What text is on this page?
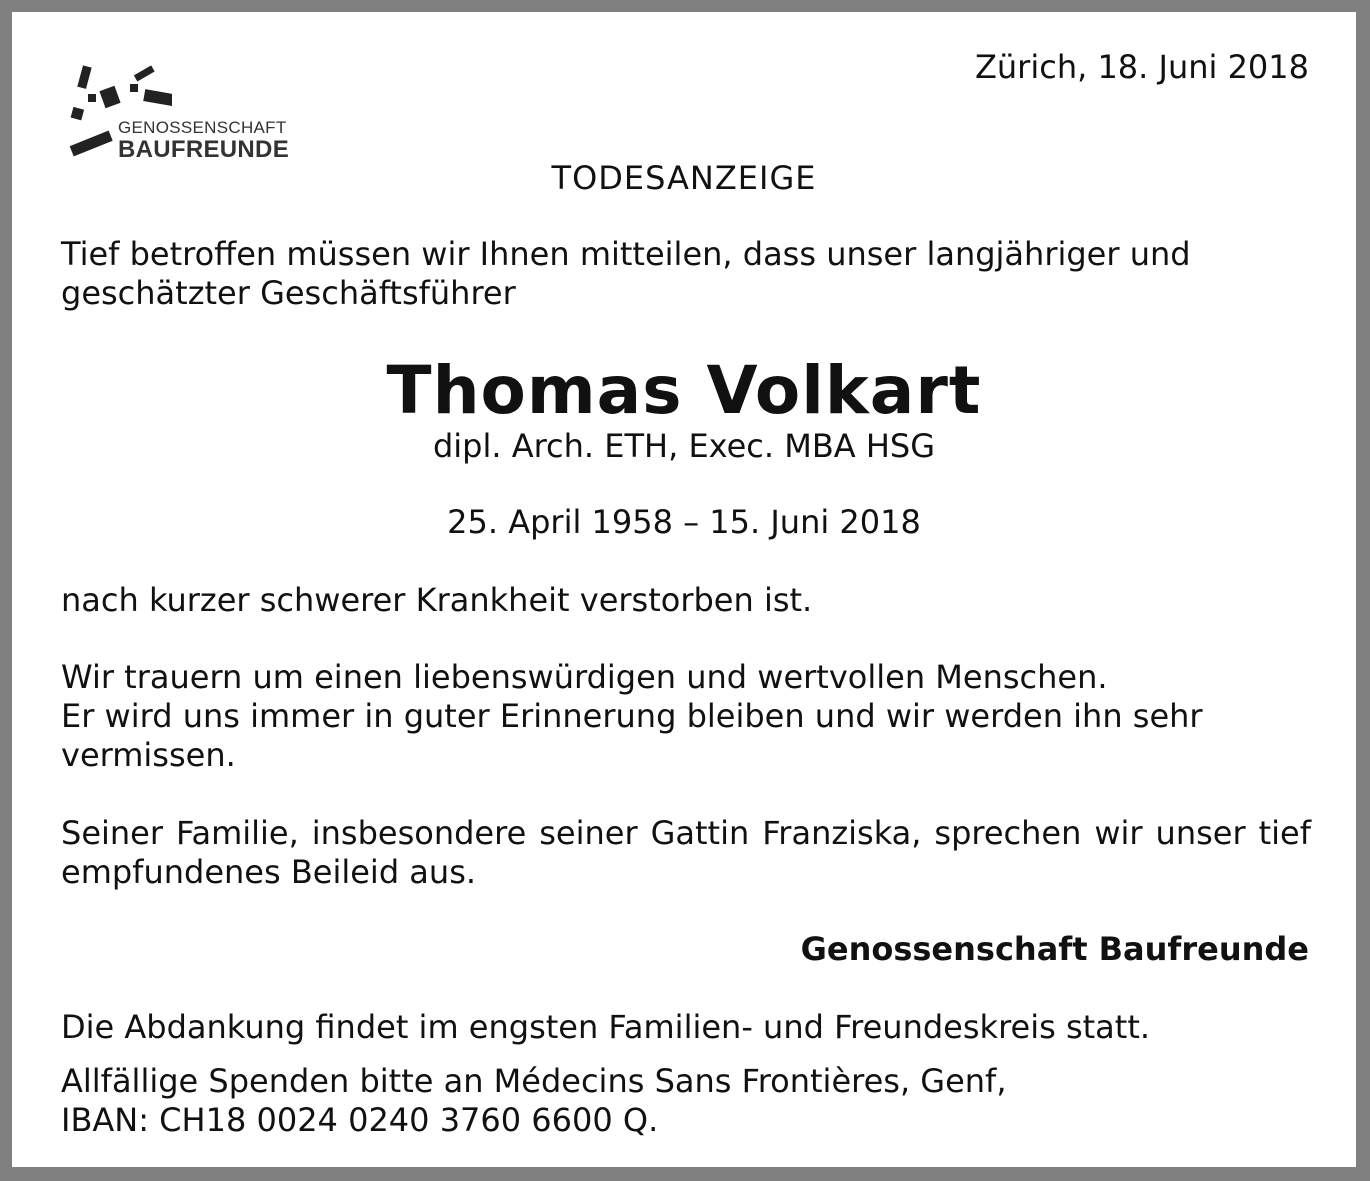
GENOSSENSCHAFT
BAUFREUNDE
Zürich, 18. Juni 2018
TODESANZEIGE
Tief betroffen müssen wir Ihnen mitteilen, dass unser langjähriger und geschätzter Geschäftsführer
Thomas Volkart
dipl. Arch. ETH, Exec. MBA HSG
25. April 1958 – 15. Juni 2018
nach kurzer schwerer Krankheit verstorben ist.
Wir trauern um einen liebenswürdigen und wertvollen Menschen.
Er wird uns immer in guter Erinnerung bleiben und wir werden ihn sehr vermissen.
Seiner Familie, insbesondere seiner Gattin Franziska, sprechen wir unser tief empfundenes Beileid aus.
Genossenschaft Baufreunde
Die Abdankung findet im engsten Familien- und Freundeskreis statt.
Allfällige Spenden bitte an Médecins Sans Frontières, Genf,
IBAN: CH18 0024 0240 3760 6600 Q.
